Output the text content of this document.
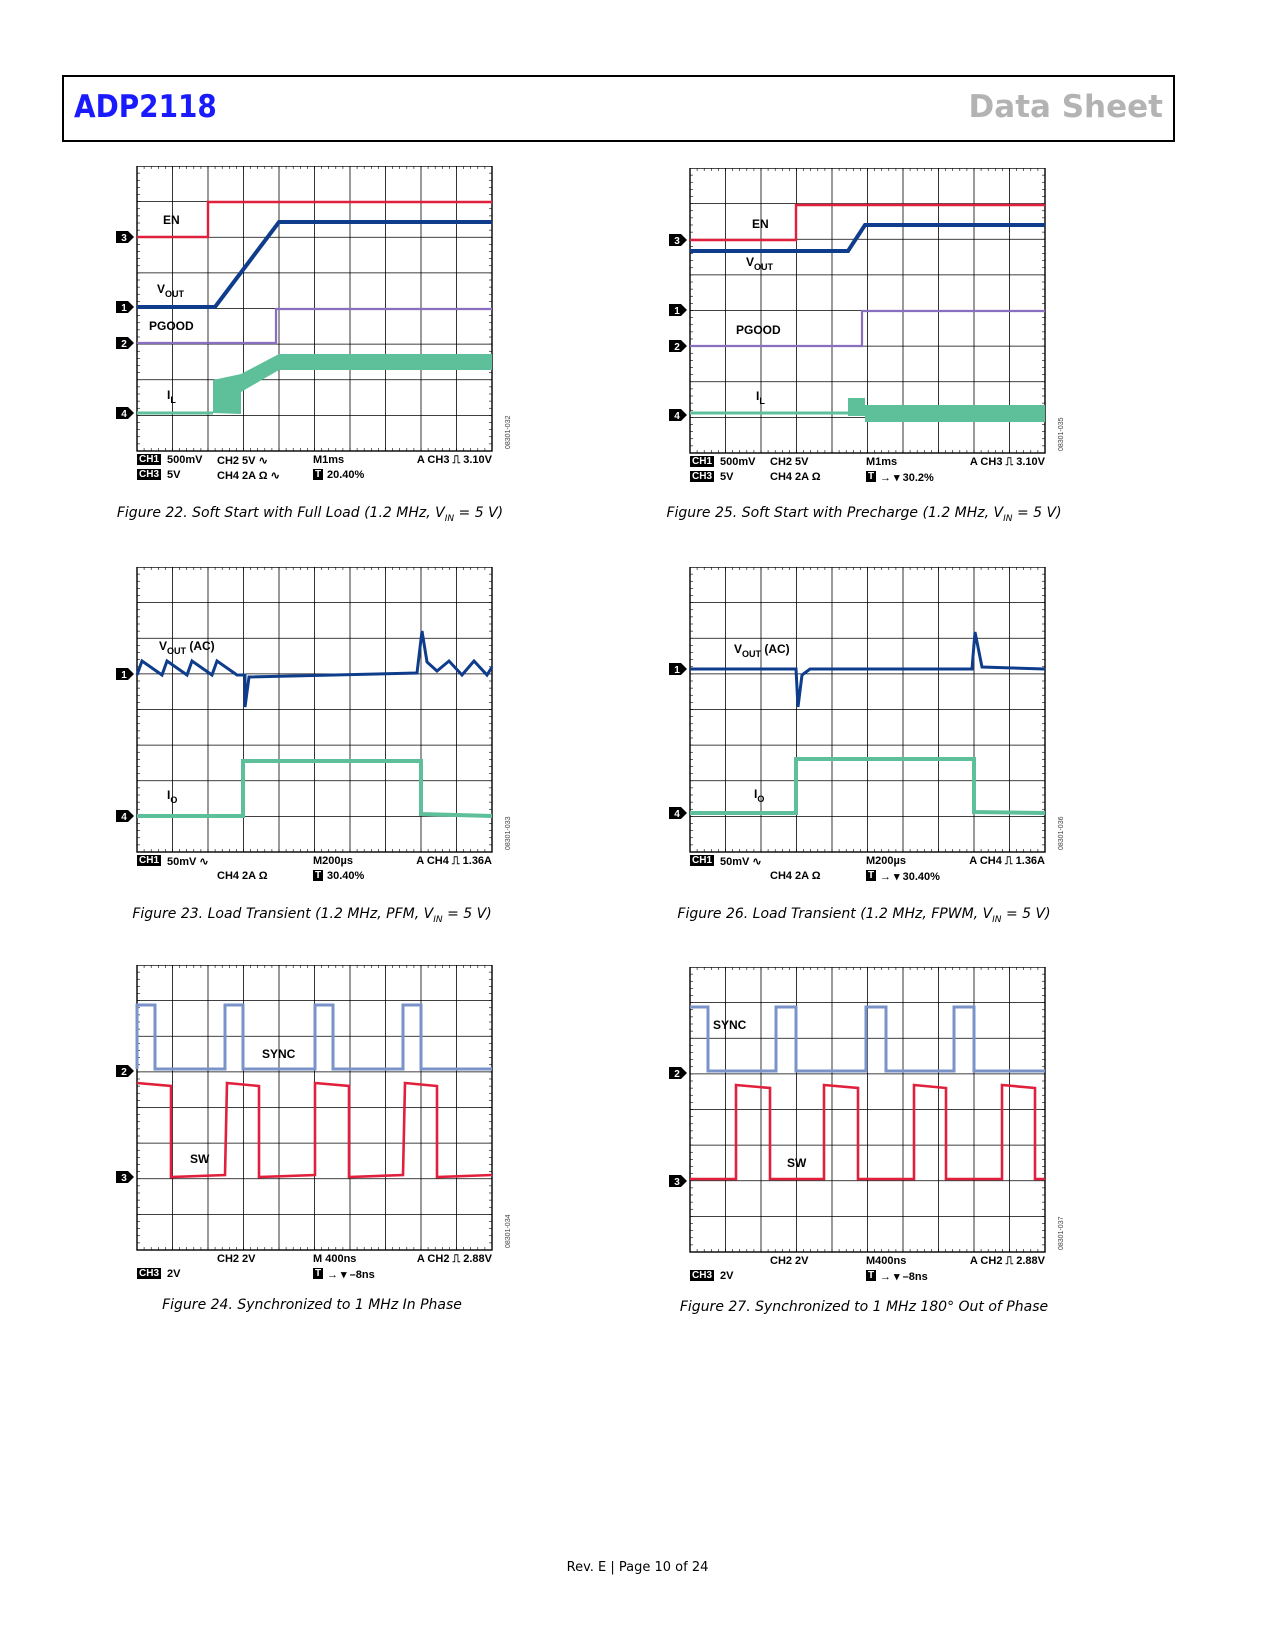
ADP2118	Data Sheet
3
1
2
4
EN
$V_{OUT}$
PGOOD
$I_L$
08301-032
CH1 500mV CH2 5V ∿	M1ms	A CH3 ⎍ 3.10V
CH3 5V	CH4 2A Ω ∿	T 20.40%
Figure 22. Soft Start with Full Load (1.2 MHz, $V_{IN} = 5$ V)
3
1
2
4
EN
$V_{OUT}$
PGOOD
$I_L$
08301-035
CH1 500mV CH2 5V	M1ms	A CH3 ⎍ 3.10V
CH3 5V	CH4 2A Ω	T → ▾ 30.2%
Figure 25. Soft Start with Precharge (1.2 MHz, $V_{IN} = 5$ V)
1
4
$V_{OUT}$ (AC)
$I_O$
08301-033
CH1 50mV ∿	M200µs	A CH4 ⎍ 1.36A
CH4 2A Ω	T 30.40%
Figure 23. Load Transient (1.2 MHz, PFM, $V_{IN} = 5$ V)
1
4
$V_{OUT}$ (AC)
$I_O$
08301-036
CH1 50mV ∿	M200µs	A CH4 ⎍ 1.36A
CH4 2A Ω	T → ▾ 30.40%
Figure 26. Load Transient (1.2 MHz, FPWM, $V_{IN} = 5$ V)
2
3
SYNC
SW
08301-034
CH2 2V	M 400ns	A CH2 ⎍ 2.88V
CH3 2V	T → ▾ –8ns
Figure 24. Synchronized to 1 MHz In Phase
2
3
SYNC
SW
08301-037
CH2 2V	M400ns	A CH2 ⎍ 2.88V
CH3 2V	T → ▾ –8ns
Figure 27. Synchronized to 1 MHz 180° Out of Phase
Rev. E | Page 10 of 24
